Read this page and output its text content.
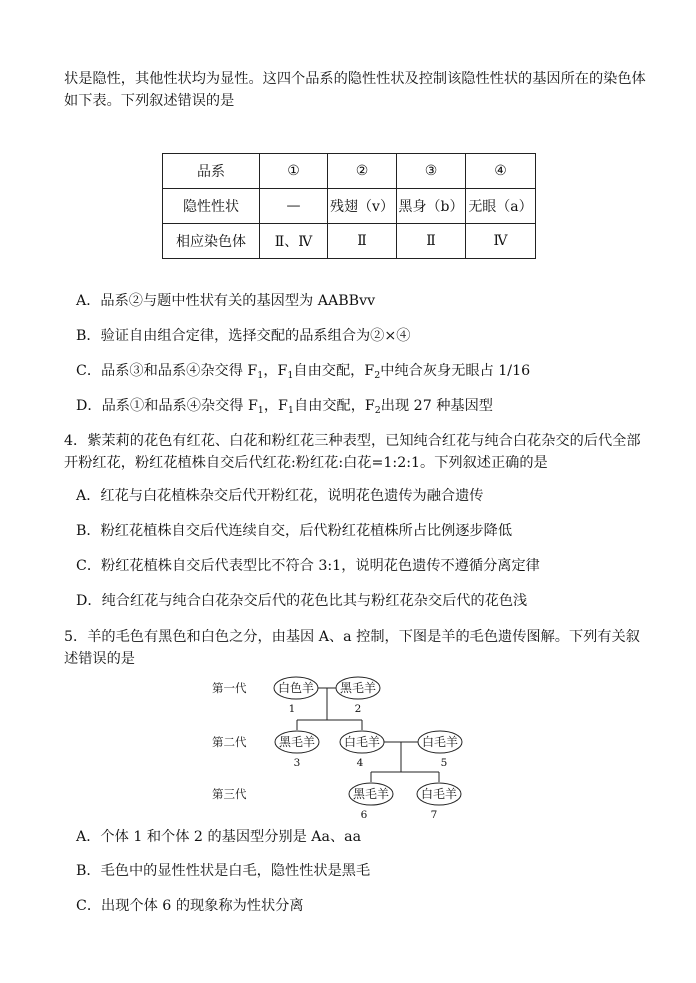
状是隐性，其他性状均为显性。这四个品系的隐性性状及控制该隐性性状的基因所在的染色体
如下表。下列叙述错误的是
品系	①	②	③	④
隐性性状	—	残翅（v）	黑身（b）	无眼（a）
相应染色体	Ⅱ、Ⅳ	Ⅱ	Ⅱ	Ⅳ
A．品系②与题中性状有关的基因型为 AABBvv
B．验证自由组合定律，选择交配的品系组合为②×④
C．品系③和品系④杂交得 $F_1$，$F_1$自由交配，$F_2$中纯合灰身无眼占 1/16
D．品系①和品系④杂交得 $F_1$，$F_1$自由交配，$F_2$出现 27 种基因型
4．紫茉莉的花色有红花、白花和粉红花三种表型，已知纯合红花与纯合白花杂交的后代全部
开粉红花，粉红花植株自交后代红花:粉红花:白花=1:2:1。下列叙述正确的是
A．红花与白花植株杂交后代开粉红花，说明花色遗传为融合遗传
B．粉红花植株自交后代连续自交，后代粉红花植株所占比例逐步降低
C．粉红花植株自交后代表型比不符合 3:1，说明花色遗传不遵循分离定律
D．纯合红花与纯合白花杂交后代的花色比其与粉红花杂交后代的花色浅
5．羊的毛色有黑色和白色之分，由基因 A、a 控制，下图是羊的毛色遗传图解。下列有关叙
述错误的是
第一代
第二代
第三代
白色羊 黑毛羊
黑毛羊 白毛羊	白毛羊
黑毛羊	白毛羊
1	2
3	4	5
6	7
A．个体 1 和个体 2 的基因型分别是 Aa、aa
B．毛色中的显性性状是白毛，隐性性状是黑毛
C．出现个体 6 的现象称为性状分离
